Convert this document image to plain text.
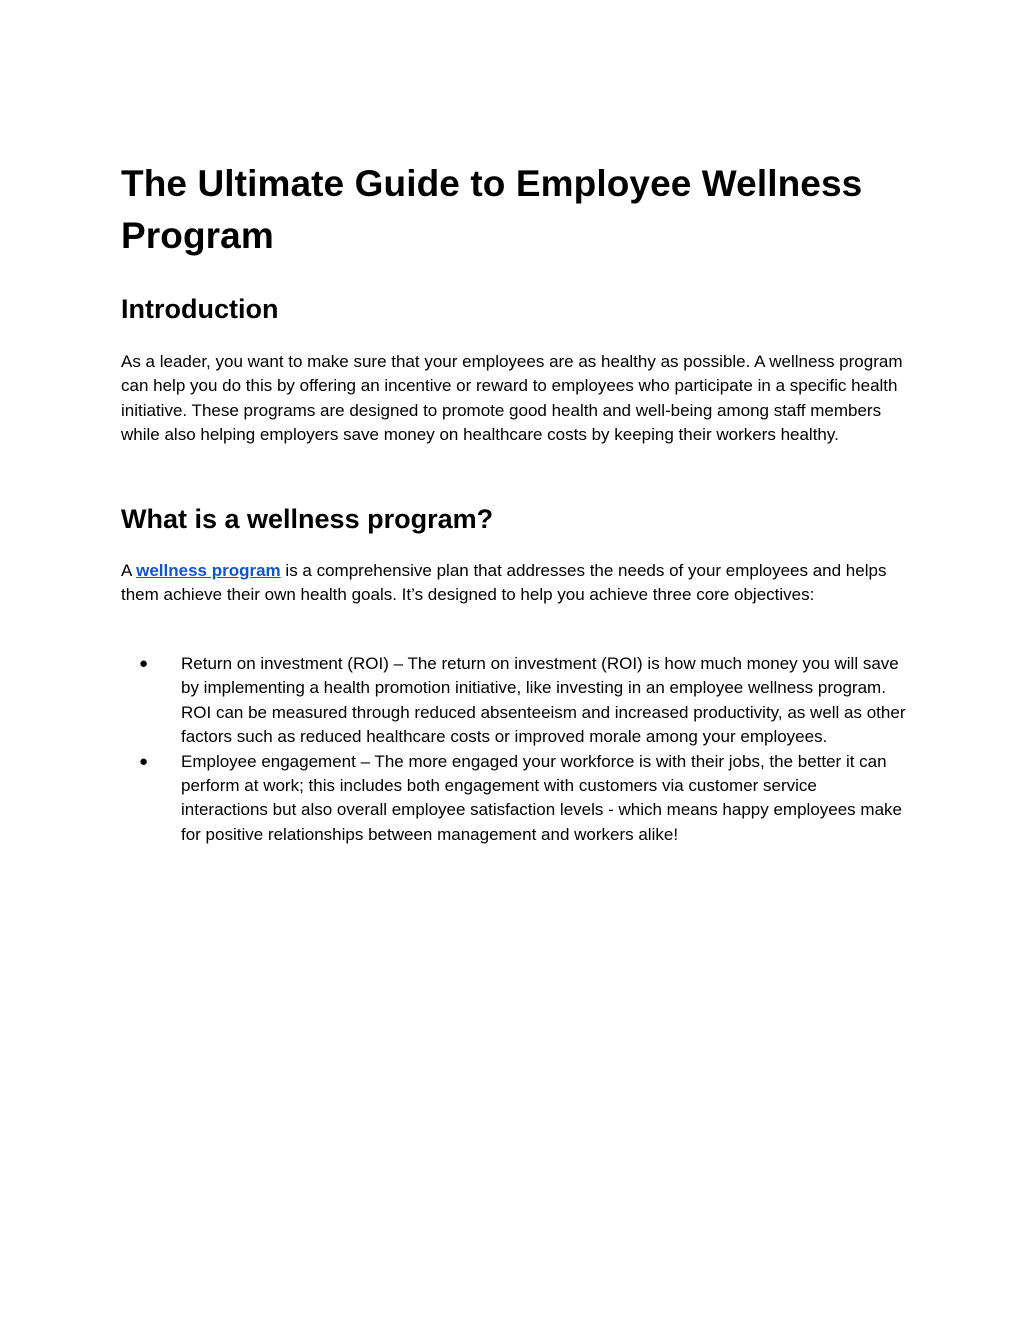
The Ultimate Guide to Employee Wellness Program
Introduction

As a leader, you want to make sure that your employees are as healthy as possible. A wellness program can help you do this by offering an incentive or reward to employees who participate in a specific health initiative. These programs are designed to promote good health and well-being among staff members while also helping employers save money on healthcare costs by keeping their workers healthy.

What is a wellness program?

A wellness program is a comprehensive plan that addresses the needs of your employees and helps them achieve their own health goals. It’s designed to help you achieve three core objectives:

● Return on investment (ROI) – The return on investment (ROI) is how much money you will save by implementing a health promotion initiative, like investing in an employee wellness program. ROI can be measured through reduced absenteeism and increased productivity, as well as other factors such as reduced healthcare costs or improved morale among your employees.
● Employee engagement – The more engaged your workforce is with their jobs, the better it can perform at work; this includes both engagement with customers via customer service interactions but also overall employee satisfaction levels - which means happy employees make for positive relationships between management and workers alike!
